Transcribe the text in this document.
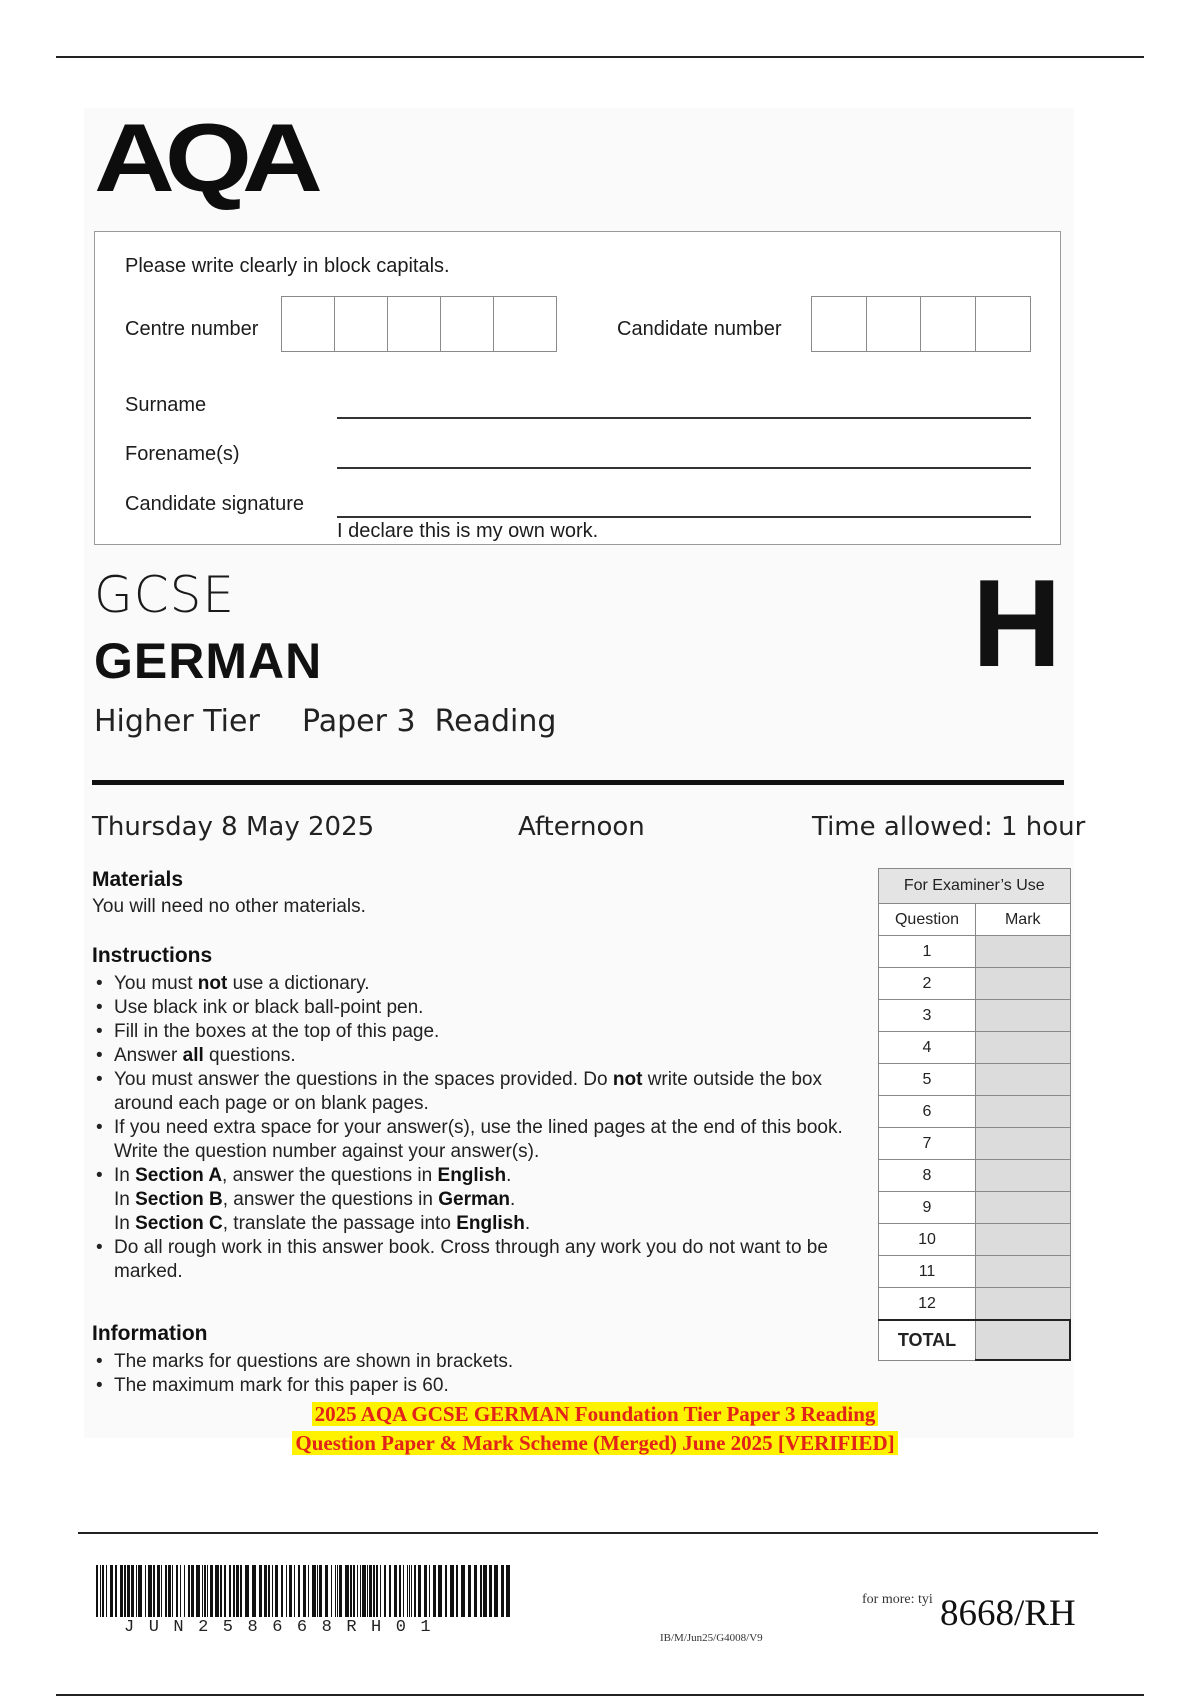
AQA
Please write clearly in block capitals.
Centre number	Candidate number
Surname
Forename(s)
Candidate signature
I declare this is my own work.
GCSE
GERMAN	H
Higher Tier Paper 3  Reading
Thursday 8 May 2025	Afternoon	Time allowed: 1 hour
Materials
You will need no other materials.
Instructions
• You must not use a dictionary.
• Use black ink or black ball-point pen.
• Fill in the boxes at the top of this page.
• Answer all questions.
• You must answer the questions in the spaces provided. Do not write outside the box around each page or on blank pages.
• If you need extra space for your answer(s), use the lined pages at the end of this book. Write the question number against your answer(s).
• In Section A, answer the questions in English.
In Section B, answer the questions in German.
In Section C, translate the passage into English.
• Do all rough work in this answer book. Cross through any work you do not want to be marked.
Information
• The marks for questions are shown in brackets.
• The maximum mark for this paper is 60.
For Examiner’s Use	
Question	Mark
1	
2	
3	
4	
5	
6	
7	
8	
9	
10	
11	
12	
TOTAL	
2025 AQA GCSE GERMAN Foundation Tier Paper 3 Reading
Question Paper & Mark Scheme (Merged) June 2025 [VERIFIED]
JUN258668RH01
IB/M/Jun25/G4008/V9
for more: tyi 8668/RH
